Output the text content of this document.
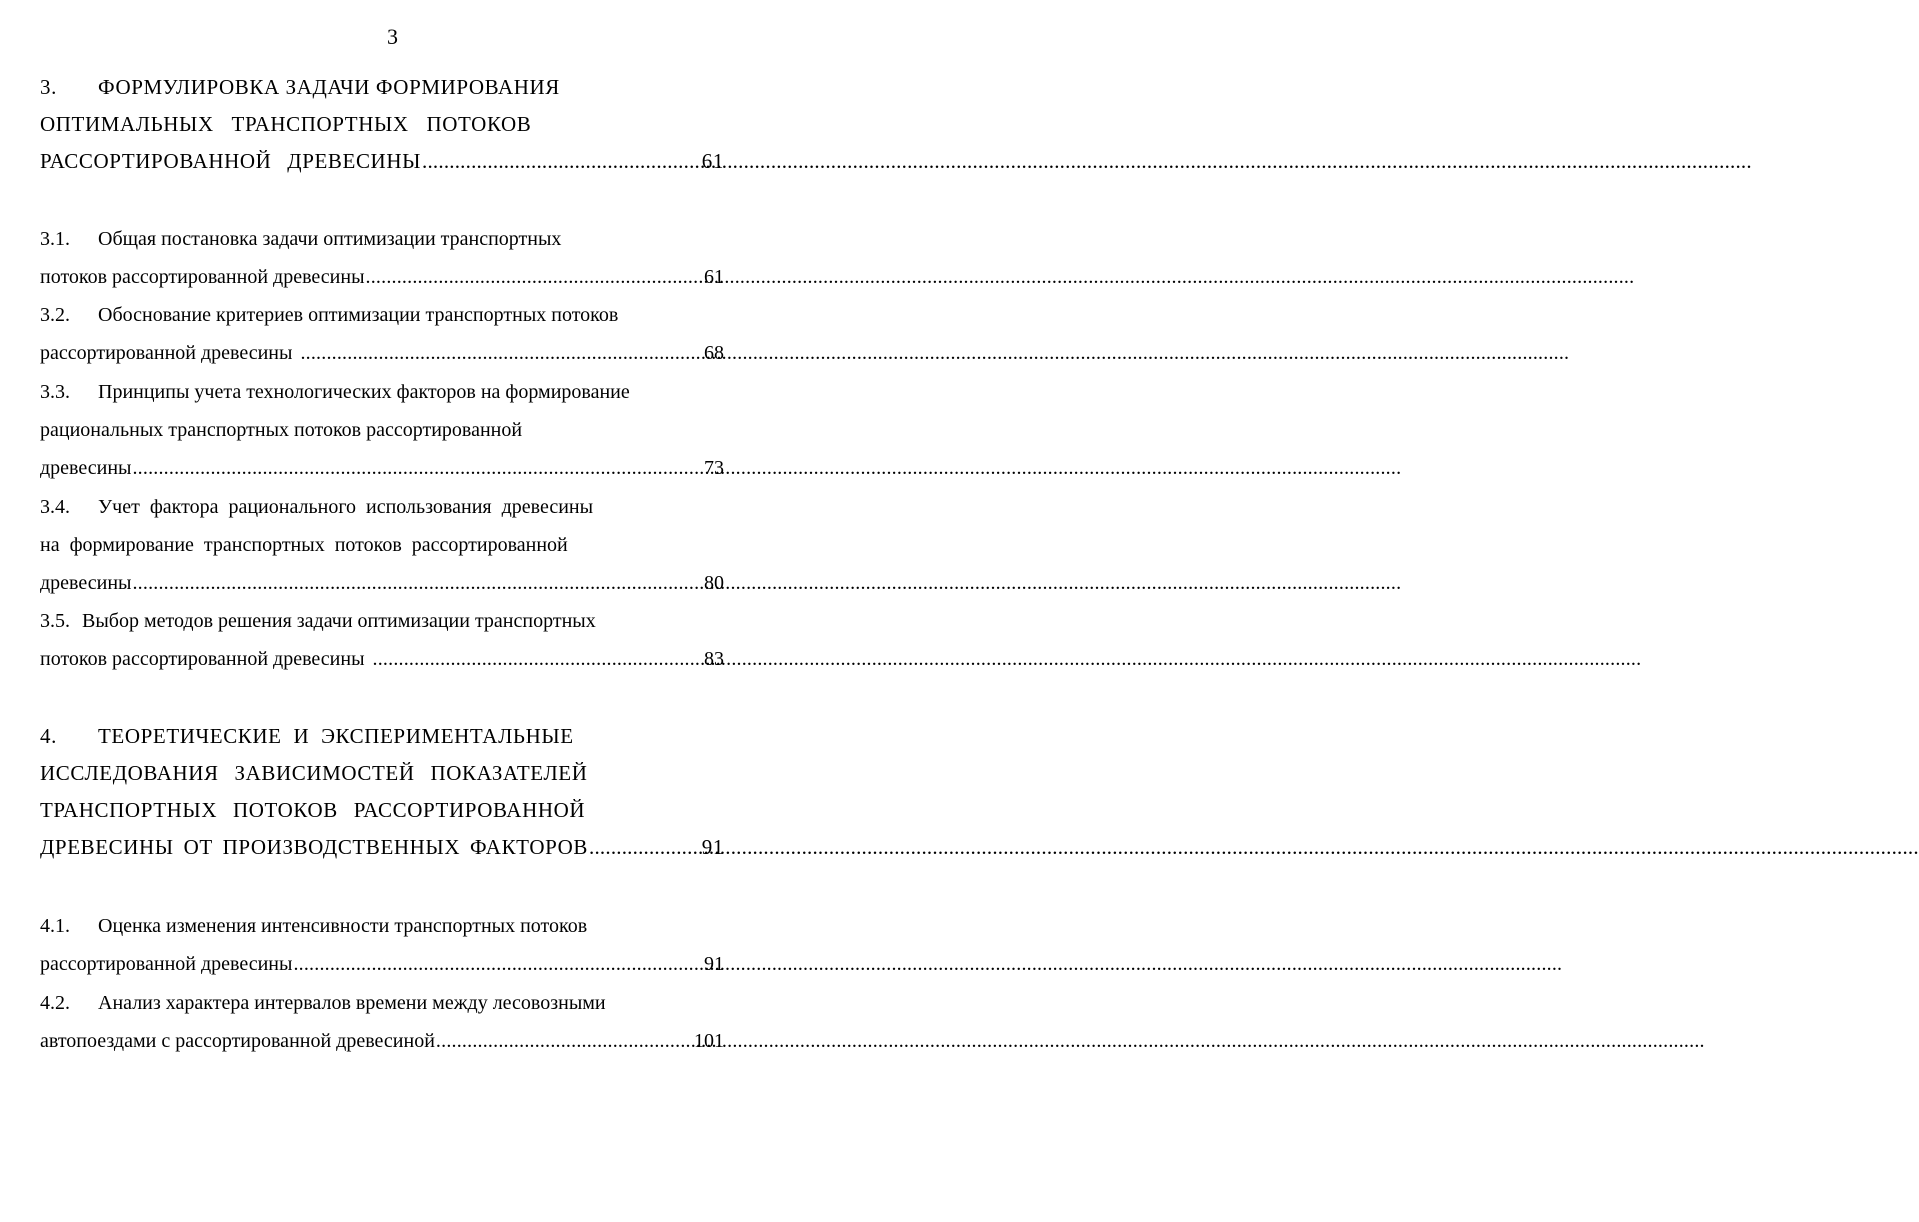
3
3.	ФОРМУЛИРОВКА ЗАДАЧИ ФОРМИРОВАНИЯ
ОПТИМАЛЬНЫХ ТРАНСПОРТНЫХ ПОТОКОВ
РАССОРТИРОВАННОЙ ДРЕВЕСИНЫ .....	61
3.1.	Общая постановка задачи оптимизации транспортных
потоков рассортированной древесины .....	61
3.2.	Обоснование критериев оптимизации транспортных потоков
рассортированной древесины .....	68
3.3.	Принципы учета технологических факторов на формирование
рациональных транспортных потоков рассортированной
древесины .....	73
3.4.	Учет фактора рационального использования древесины
на формирование транспортных потоков рассортированной
древесины .....	80
3.5. Выбор методов решения задачи оптимизации транспортных
потоков рассортированной древесины .....	83
4.	ТЕОРЕТИЧЕСКИЕ И ЭКСПЕРИМЕНТАЛЬНЫЕ
ИССЛЕДОВАНИЯ ЗАВИСИМОСТЕЙ ПОКАЗАТЕЛЕЙ
ТРАНСПОРТНЫХ ПОТОКОВ РАССОРТИРОВАННОЙ
ДРЕВЕСИНЫ ОТ ПРОИЗВОДСТВЕННЫХ ФАКТОРОВ .....	91
4.1.	Оценка изменения интенсивности транспортных потоков
рассортированной древесины .....	91
4.2.	Анализ характера интервалов времени между лесовозными
автопоездами с рассортированной древесиной .....	101
